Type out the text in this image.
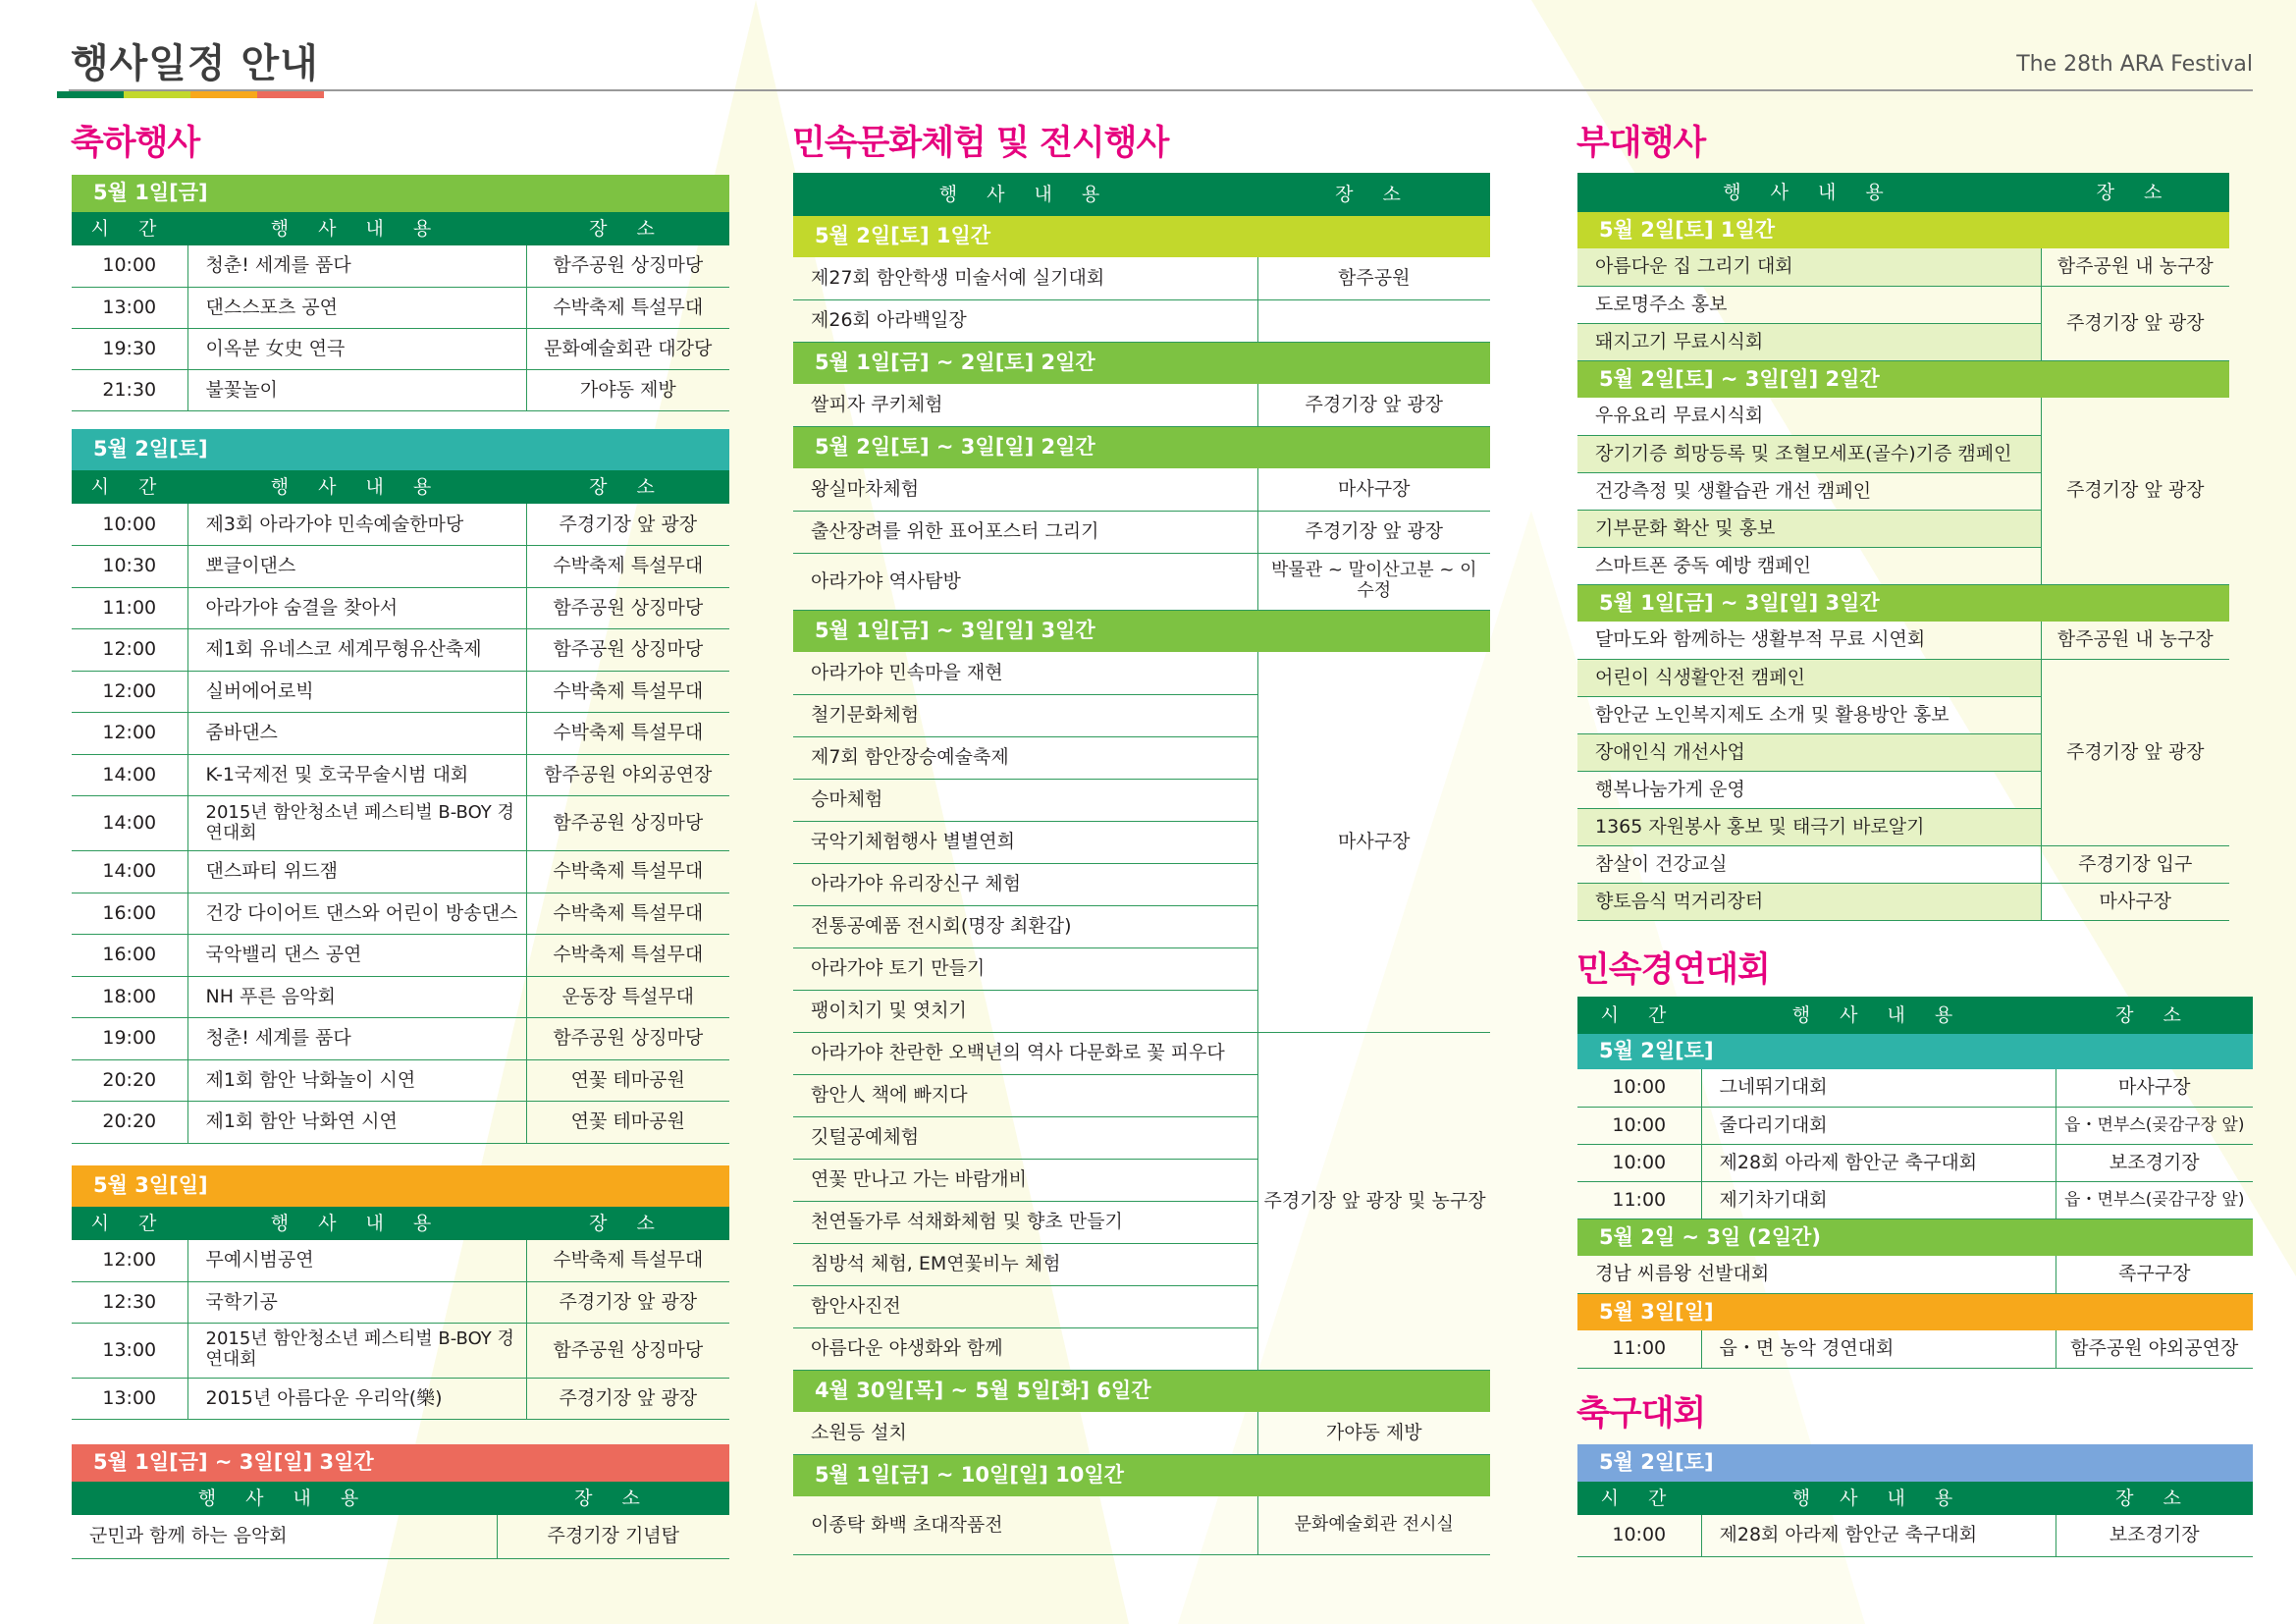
행사일정 안내	The 28th ARA Festival
축하행사
5월 1일[금]		
시 간	행 사 내 용	장 소
10:00	청춘! 세계를 품다	함주공원 상징마당
13:00	댄스스포츠 공연	수박축제 특설무대
19:30	이옥분 女史 연극	문화예술회관 대강당
21:30	불꽃놀이	가야동 제방
5월 2일[토]		
시 간	행 사 내 용	장 소
10:00	제3회 아라가야 민속예술한마당	주경기장 앞 광장
10:30	뽀글이댄스	수박축제 특설무대
11:00	아라가야 숨결을 찾아서	함주공원 상징마당
12:00	제1회 유네스코 세계무형유산축제	함주공원 상징마당
12:00	실버에어로빅	수박축제 특설무대
12:00	줌바댄스	수박축제 특설무대
14:00	K-1국제전 및 호국무술시범 대회	함주공원 야외공연장
14:00	2015년 함안청소년 페스티벌 B-BOY 경연대회	함주공원 상징마당
14:00	댄스파티 위드잼	수박축제 특설무대
16:00	건강 다이어트 댄스와 어린이 방송댄스	수박축제 특설무대
16:00	국악밸리 댄스 공연	수박축제 특설무대
18:00	NH 푸른 음악회	운동장 특설무대
19:00	청춘! 세계를 품다	함주공원 상징마당
20:20	제1회 함안 낙화놀이 시연	연꽃 테마공원
20:20	제1회 함안 낙화연 시연	연꽃 테마공원
5월 3일[일]		
시 간	행 사 내 용	장 소
12:00	무예시범공연	수박축제 특설무대
12:30	국학기공	주경기장 앞 광장
13:00	2015년 함안청소년 페스티벌 B-BOY 경연대회	함주공원 상징마당
13:00	2015년 아름다운 우리악(樂)	주경기장 앞 광장
5월 1일[금] ~ 3일[일] 3일간	
행 사 내 용	장 소
군민과 함께 하는 음악회	주경기장 기념탑
민속문화체험 및 전시행사
행 사 내 용	장 소
5월 2일[토] 1일간	
제27회 함안학생 미술서예 실기대회	함주공원
제26회 아라백일장	
5월 1일[금] ~ 2일[토] 2일간	
쌀피자 쿠키체험	주경기장 앞 광장
5월 2일[토] ~ 3일[일] 2일간	
왕실마차체험	마사구장
출산장려를 위한 표어포스터 그리기	주경기장 앞 광장
아라가야 역사탐방	박물관 ~ 말이산고분 ~ 이수정
5월 1일[금] ~ 3일[일] 3일간	
아라가야 민속마을 재현	마사구장
철기문화체험	
제7회 함안장승예술축제	
승마체험	
국악기체험행사 별별연희	
아라가야 유리장신구 체험	
전통공예품 전시회(명장 최환갑)	
아라가야 토기 만들기	
팽이치기 및 엿치기	
아라가야 찬란한 오백년의 역사 다문화로 꽃 피우다	주경기장 앞 광장 및 농구장
함안人 책에 빠지다	
깃털공예체험	
연꽃 만나고 가는 바람개비	
천연돌가루 석채화체험 및 향초 만들기	
침방석 체험, EM연꽃비누 체험	
함안사진전	
아름다운 야생화와 함께	
4월 30일[목] ~ 5월 5일[화] 6일간	
소원등 설치	가야동 제방
5월 1일[금] ~ 10일[일] 10일간	
이종탁 화백 초대작품전	문화예술회관 전시실
부대행사
행 사 내 용	장 소
5월 2일[토] 1일간	
아름다운 집 그리기 대회	함주공원 내 농구장
도로명주소 홍보	주경기장 앞 광장
돼지고기 무료시식회	
5월 2일[토] ~ 3일[일] 2일간	
우유요리 무료시식회	주경기장 앞 광장
장기기증 희망등록 및 조혈모세포(골수)기증 캠페인	
건강측정 및 생활습관 개선 캠페인	
기부문화 확산 및 홍보	
스마트폰 중독 예방 캠페인	
5월 1일[금] ~ 3일[일] 3일간	
달마도와 함께하는 생활부적 무료 시연회	함주공원 내 농구장
어린이 식생활안전 캠페인	주경기장 앞 광장
함안군 노인복지제도 소개 및 활용방안 홍보	
장애인식 개선사업	
행복나눔가게 운영	
1365 자원봉사 홍보 및 태극기 바로알기	
참살이 건강교실	주경기장 입구
향토음식 먹거리장터	마사구장
민속경연대회
시 간	행 사 내 용	장 소
5월 2일[토]		
10:00	그네뛰기대회	마사구장
10:00	줄다리기대회	읍・면부스(곶감구장 앞)
10:00	제28회 아라제 함안군 축구대회	보조경기장
11:00	제기차기대회	읍・면부스(곶감구장 앞)
5월 2일 ~ 3일 (2일간)		
경남 씨름왕 선발대회		족구구장
5월 3일[일]		
11:00	읍・면 농악 경연대회	함주공원 야외공연장
축구대회
5월 2일[토]		
시 간	행 사 내 용	장 소
10:00	제28회 아라제 함안군 축구대회	보조경기장
